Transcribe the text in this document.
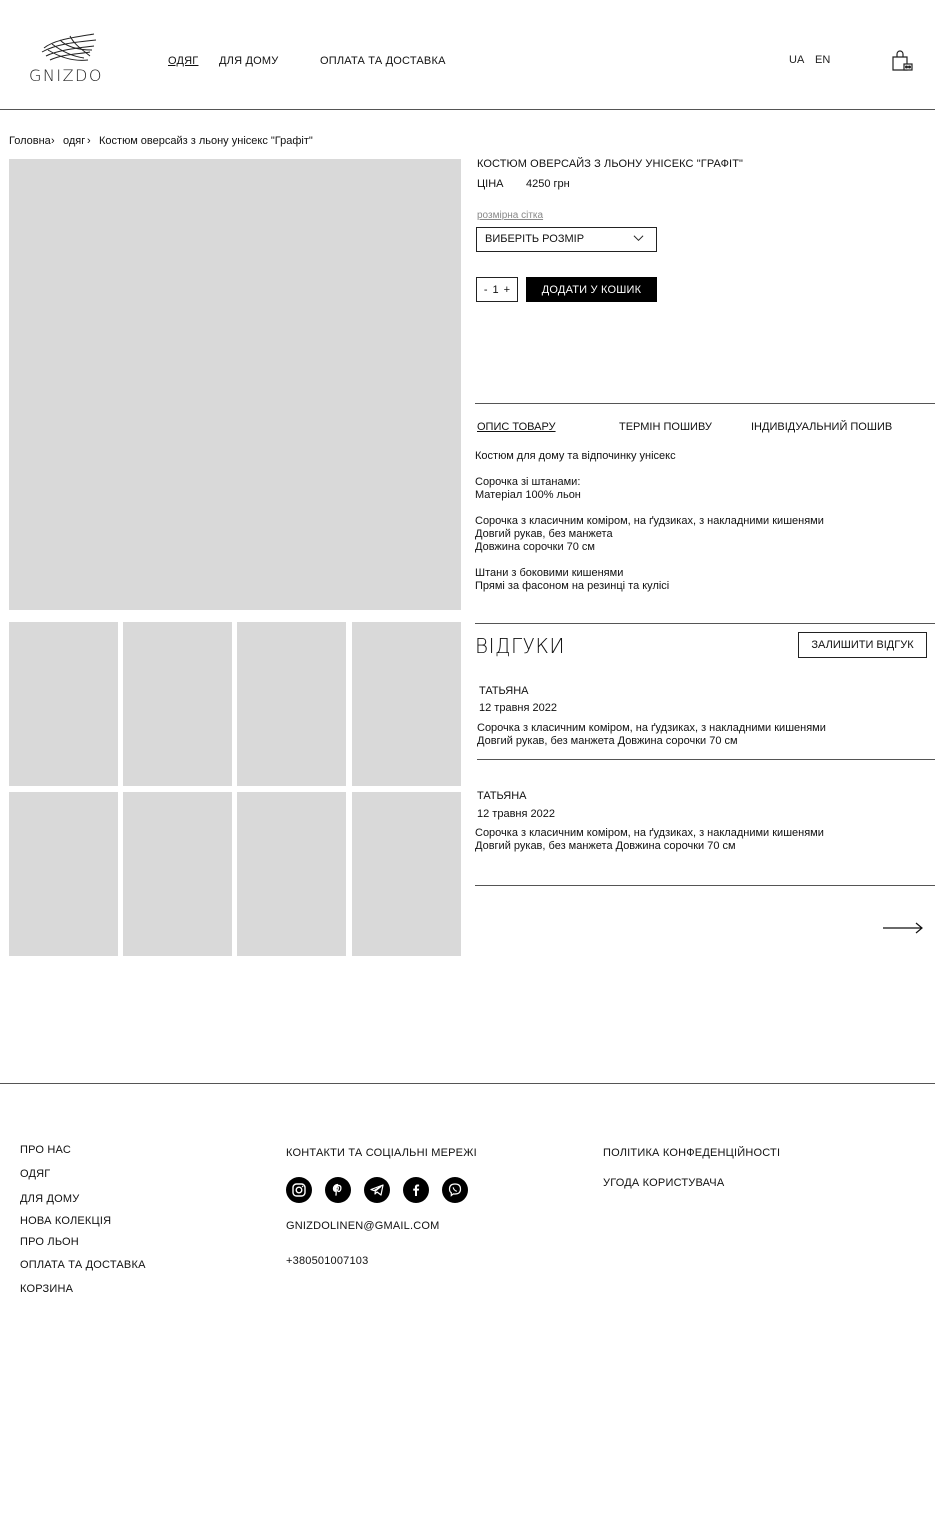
GNIZDO
ОДЯГ ДЛЯ ДОМУ	ОПЛАТА ТА ДОСТАВКА	UA EN
Головна › одяг › Костюм оверсайз з льону унісекс "Графіт"
КОСТЮМ ОВЕРСАЙЗ З ЛЬОНУ УНІСЕКС "ГРАФІТ"
ЦІНА 4250 грн
розмірна сітка
ВИБЕРІТЬ РОЗМІР
- 1 +	ДОДАТИ У КОШИК
ОПИС ТОВАРУ	ТЕРМІН ПОШИВУ	ІНДИВІДУАЛЬНИЙ ПОШИВ
Костюм для дому та відпочинку унісекс
Сорочка зі штанами:
Матеріал 100% льон
Сорочка з класичним коміром, на ґудзиках, з накладними кишенями
Довгий рукав, без манжета
Довжина сорочки 70 см
Штани з боковими кишенями
Прямі за фасоном на резинці та кулісі
ВІДГУКИ	ЗАЛИШИТИ ВІДГУК
ТАТЬЯНА
12 травня 2022
Сорочка з класичним коміром, на ґудзиках, з накладними кишенями
Довгий рукав, без манжета Довжина сорочки 70 см
ТАТЬЯНА
12 травня 2022
Сорочка з класичним коміром, на ґудзиках, з накладними кишенями
Довгий рукав, без манжета Довжина сорочки 70 см
ПРО НАС
ОДЯГ
ДЛЯ ДОМУ
НОВА КОЛЕКЦІЯ
ПРО ЛЬОН
ОПЛАТА ТА ДОСТАВКА
КОРЗИНА
КОНТАКТИ ТА СОЦІАЛЬНІ МЕРЕЖІ
GNIZDOLINEN@GMAIL.COM
+380501007103
ПОЛІТИКА КОНФЕДЕНЦІЙНОСТІ
УГОДА КОРИСТУВАЧА
